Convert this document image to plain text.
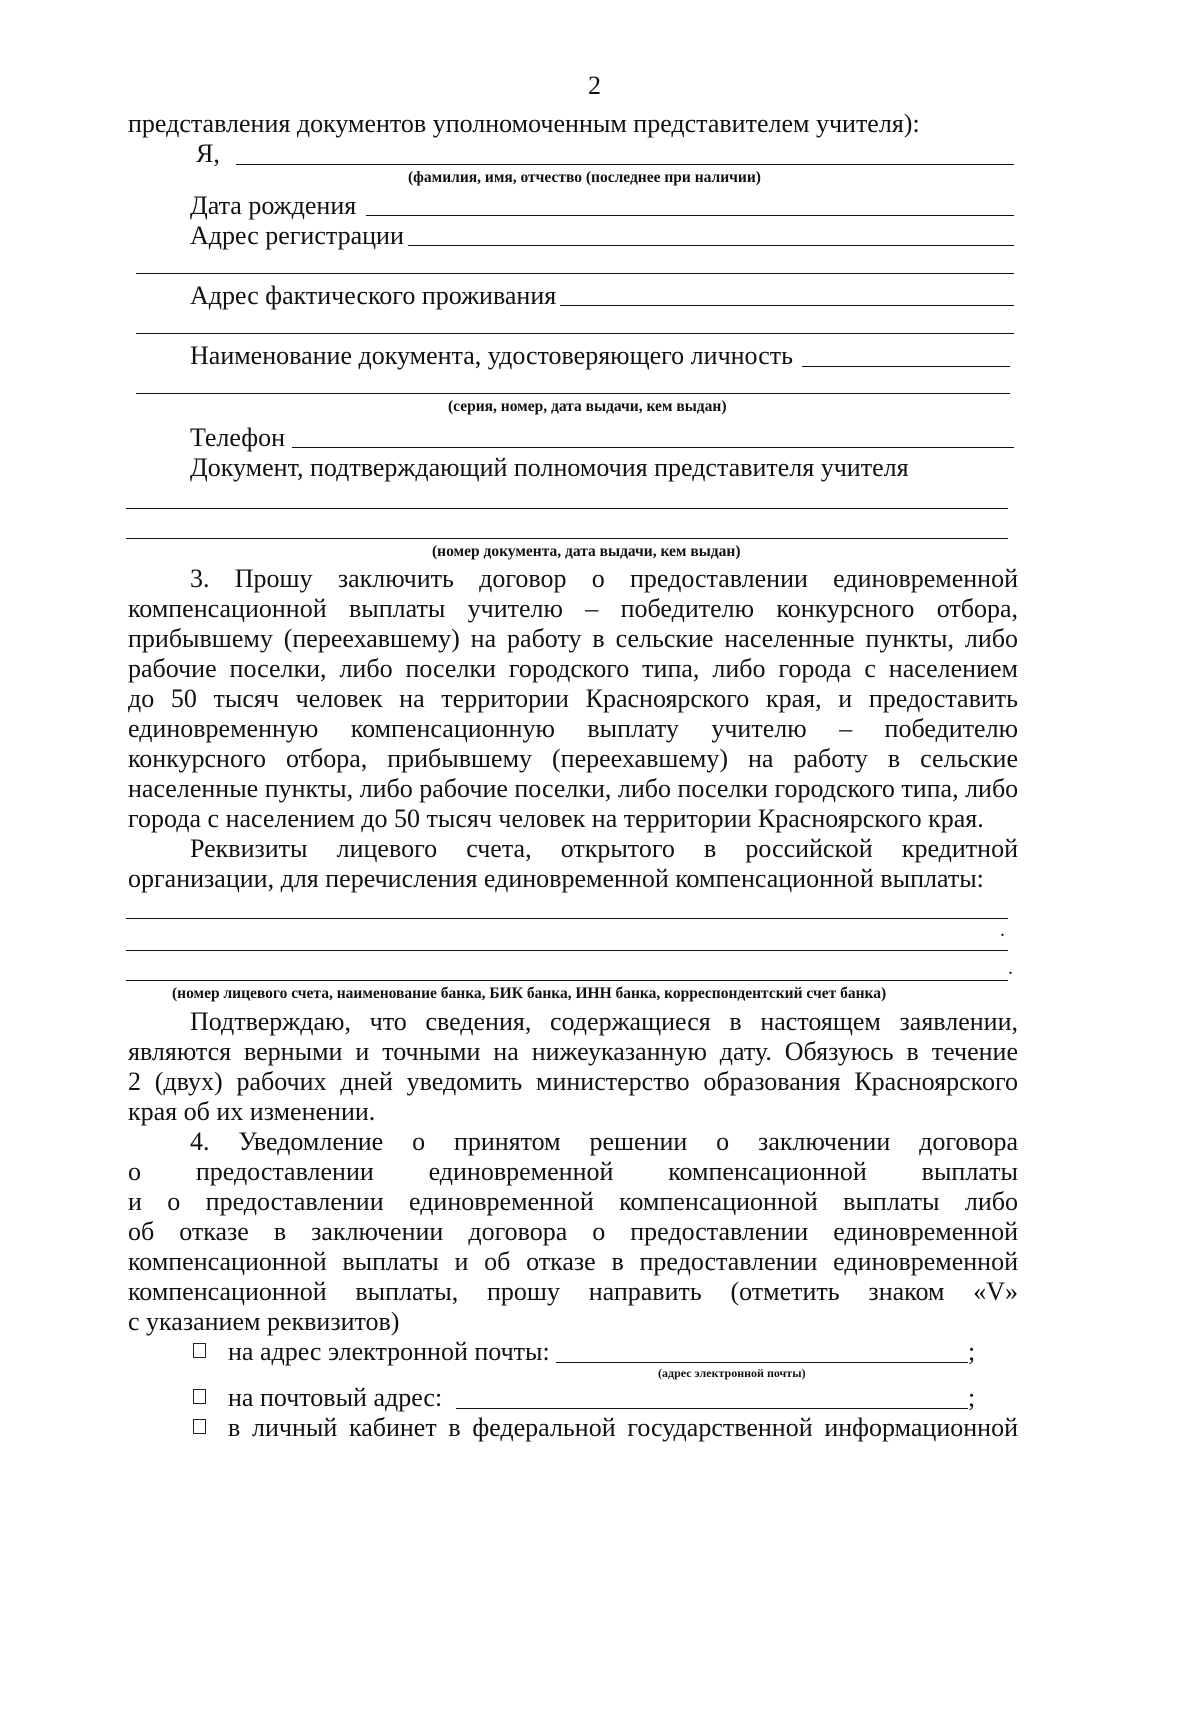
2
представления документов уполномоченным представителем учителя):
Я,
(фамилия, имя, отчество (последнее при наличии)
Дата рождения
Адрес регистрации
Адрес фактического проживания
Наименование документа, удостоверяющего личность
(серия, номер, дата выдачи, кем выдан)
Телефон
Документ, подтверждающий полномочия представителя учителя
(номер документа, дата выдачи, кем выдан)
3. Прошу заключить договор о предоставлении единовременной
компенсационной выплаты учителю – победителю конкурсного отбора,
прибывшему (переехавшему) на работу в сельские населенные пункты, либо
рабочие поселки, либо поселки городского типа, либо города с населением
до 50 тысяч человек на территории Красноярского края, и предоставить
единовременную компенсационную выплату учителю – победителю
конкурсного отбора, прибывшему (переехавшему) на работу в сельские
населенные пункты, либо рабочие поселки, либо поселки городского типа, либо
города с населением до 50 тысяч человек на территории Красноярского края.
Реквизиты лицевого счета, открытого в российской кредитной
организации, для перечисления единовременной компенсационной выплаты:
.
.
(номер лицевого счета, наименование банка, БИК банка, ИНН банка, корреспондентский счет банка)
Подтверждаю, что сведения, содержащиеся в настоящем заявлении,
являются верными и точными на нижеуказанную дату. Обязуюсь в течение
2 (двух) рабочих дней уведомить министерство образования Красноярского
края об их изменении.
4. Уведомление о принятом решении о заключении договора
о предоставлении единовременной компенсационной выплаты
и о предоставлении единовременной компенсационной выплаты либо
об отказе в заключении договора о предоставлении единовременной
компенсационной выплаты и об отказе в предоставлении единовременной
компенсационной выплаты, прошу направить (отметить знаком «V»
с указанием реквизитов)
на адрес электронной почты:	;
(адрес электронной почты)
на почтовый адрес:	;
в личный кабинет в федеральной государственной информационной
